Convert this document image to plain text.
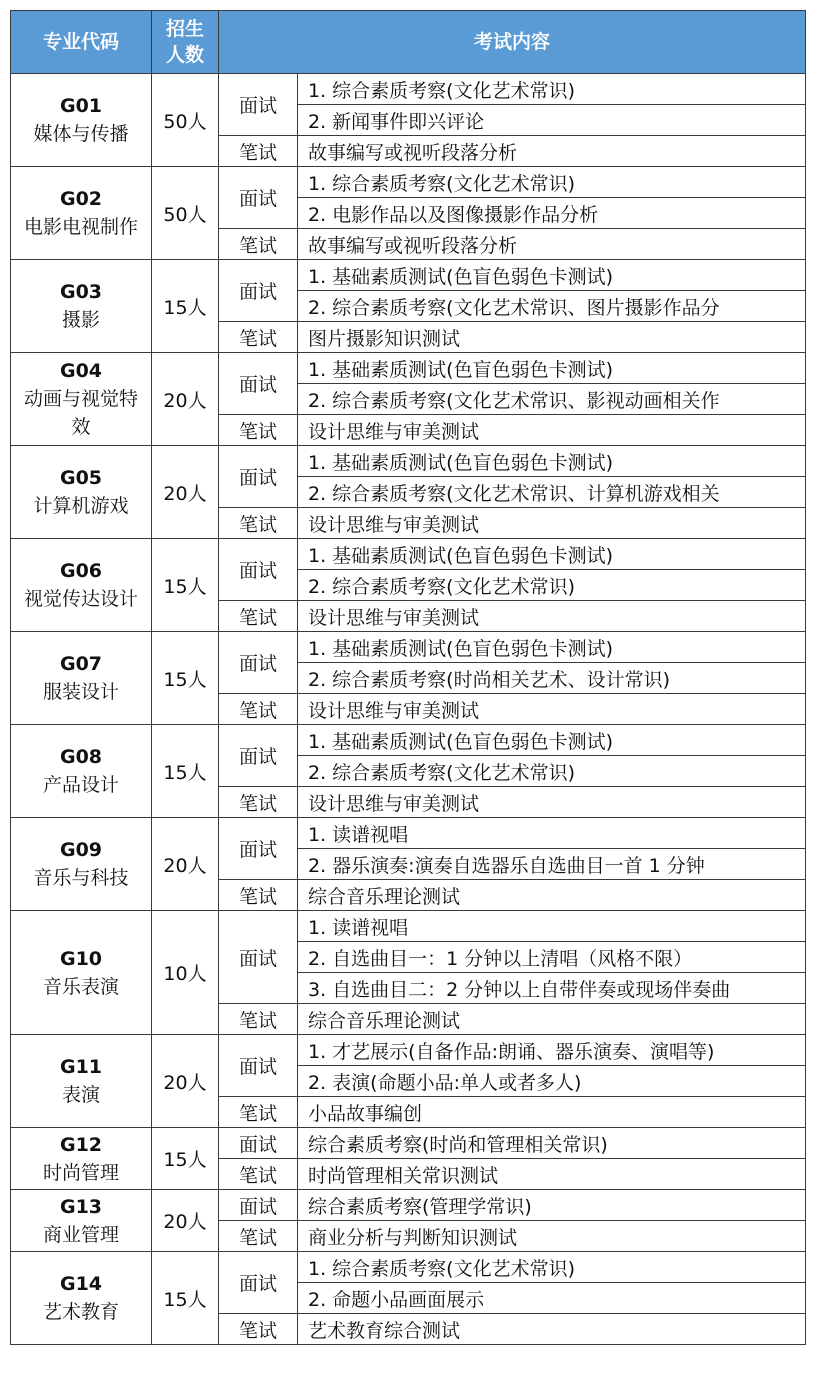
专业代码	招生人数	考试内容	

G01
媒体与传播	50人	面试	1. 综合素质考察(文化艺术常识)
			2. 新闻事件即兴评论
		笔试	故事编写或视听段落分析

G02
电影电视制作	50人	面试	1. 综合素质考察(文化艺术常识)
			2. 电影作品以及图像摄影作品分析
		笔试	故事编写或视听段落分析

G03
摄影	15人	面试	1. 基础素质测试(色盲色弱色卡测试)
			2. 综合素质考察(文化艺术常识、图片摄影作品分
		笔试	图片摄影知识测试

G04
动画与视觉特效	20人	面试	1. 基础素质测试(色盲色弱色卡测试)
			2. 综合素质考察(文化艺术常识、影视动画相关作
		笔试	设计思维与审美测试

G05
计算机游戏	20人	面试	1. 基础素质测试(色盲色弱色卡测试)
			2. 综合素质考察(文化艺术常识、计算机游戏相关
		笔试	设计思维与审美测试

G06
视觉传达设计	15人	面试	1. 基础素质测试(色盲色弱色卡测试)
			2. 综合素质考察(文化艺术常识)
		笔试	设计思维与审美测试

G07
服装设计	15人	面试	1. 基础素质测试(色盲色弱色卡测试)
			2. 综合素质考察(时尚相关艺术、设计常识)
		笔试	设计思维与审美测试

G08
产品设计	15人	面试	1. 基础素质测试(色盲色弱色卡测试)
			2. 综合素质考察(文化艺术常识)
		笔试	设计思维与审美测试

G09
音乐与科技	20人	面试	1. 读谱视唱
			2. 器乐演奏:演奏自选器乐自选曲目一首 1 分钟
		笔试	综合音乐理论测试

G10
音乐表演	10人	面试	1. 读谱视唱
			2. 自选曲目一：1 分钟以上清唱（风格不限）
			3. 自选曲目二：2 分钟以上自带伴奏或现场伴奏曲
		笔试	综合音乐理论测试

G11
表演	20人	面试	1. 才艺展示(自备作品:朗诵、器乐演奏、演唱等)
			2. 表演(命题小品:单人或者多人)
		笔试	小品故事编创

G12
时尚管理	15人	面试	综合素质考察(时尚和管理相关常识)
		笔试	时尚管理相关常识测试

G13
商业管理	20人	面试	综合素质考察(管理学常识)
		笔试	商业分析与判断知识测试

G14
艺术教育	15人	面试	1. 综合素质考察(文化艺术常识)
			2. 命题小品画面展示
		笔试	艺术教育综合测试
